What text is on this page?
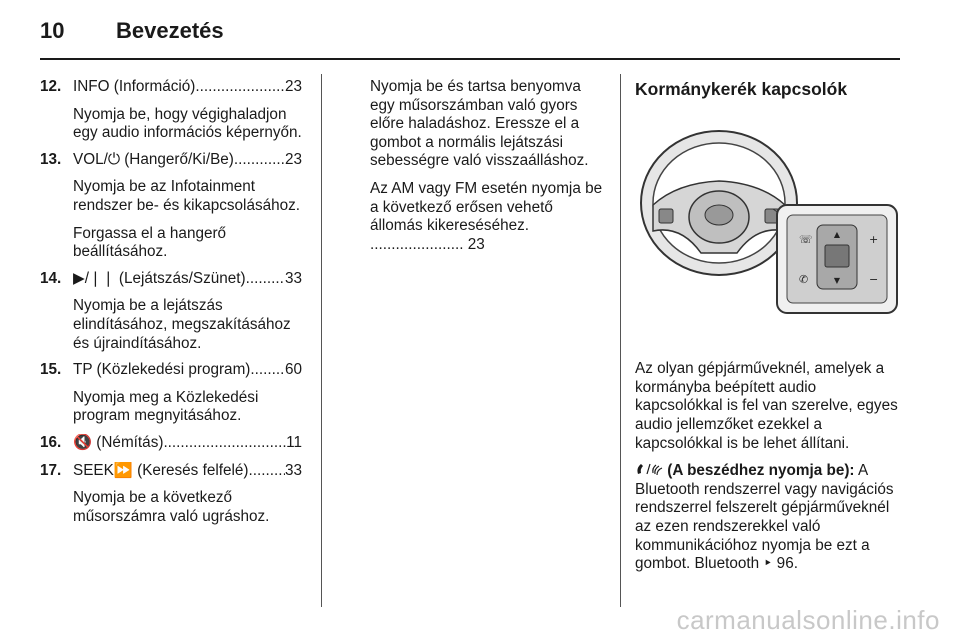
10	Bevezetés
12. INFO (Információ) .....	23

Nyomja be, hogy végighaladjon egy audio információs képernyőn.

13. VOL/⏻ (Hangerő/Ki/Be) .....	23

Nyomja be az Infotainment rendszer be- és kikapcsolásához.

Forgassa el a hangerő beállításához.

14. ▶/❘❘ (Lejátszás/Szünet) .....	33

Nyomja be a lejátszás elindításához, megszakításához és újraindításához.

15. TP (Közlekedési program) ..... 60

Nyomja meg a Közlekedési program megnyitásához.

16. 🔇 (Némítás) .....	11
17. SEEK⏩ (Keresés felfelé) ..... 33

Nyomja be a következő műsorszámra való ugráshoz.

Nyomja be és tartsa benyomva egy műsorszámban való gyors előre haladáshoz. Eressze el a gombot a normális lejátszási sebességre való visszaálláshoz.

Az AM vagy FM esetén nyomja be a következő erősen vehető állomás kikereséséhez. ...................... 23

Kormánykerék kapcsolók
▲
▼
☏
✆
+
−

Az olyan gépjárműveknél, amelyek a kormányba beépített audio kapcsolókkal is fel van szerelve, egyes audio jellemzőket ezekkel a kapcsolókkal is be lehet állítani.

(A beszédhez nyomja be): A Bluetooth rendszerrel vagy navigációs rendszerrel felszerelt gépjárműveknél az ezen rendszerekkel való kommunikációhoz nyomja be ezt a gombot. Bluetooth ‣ 96.

carmanualsonline.info
